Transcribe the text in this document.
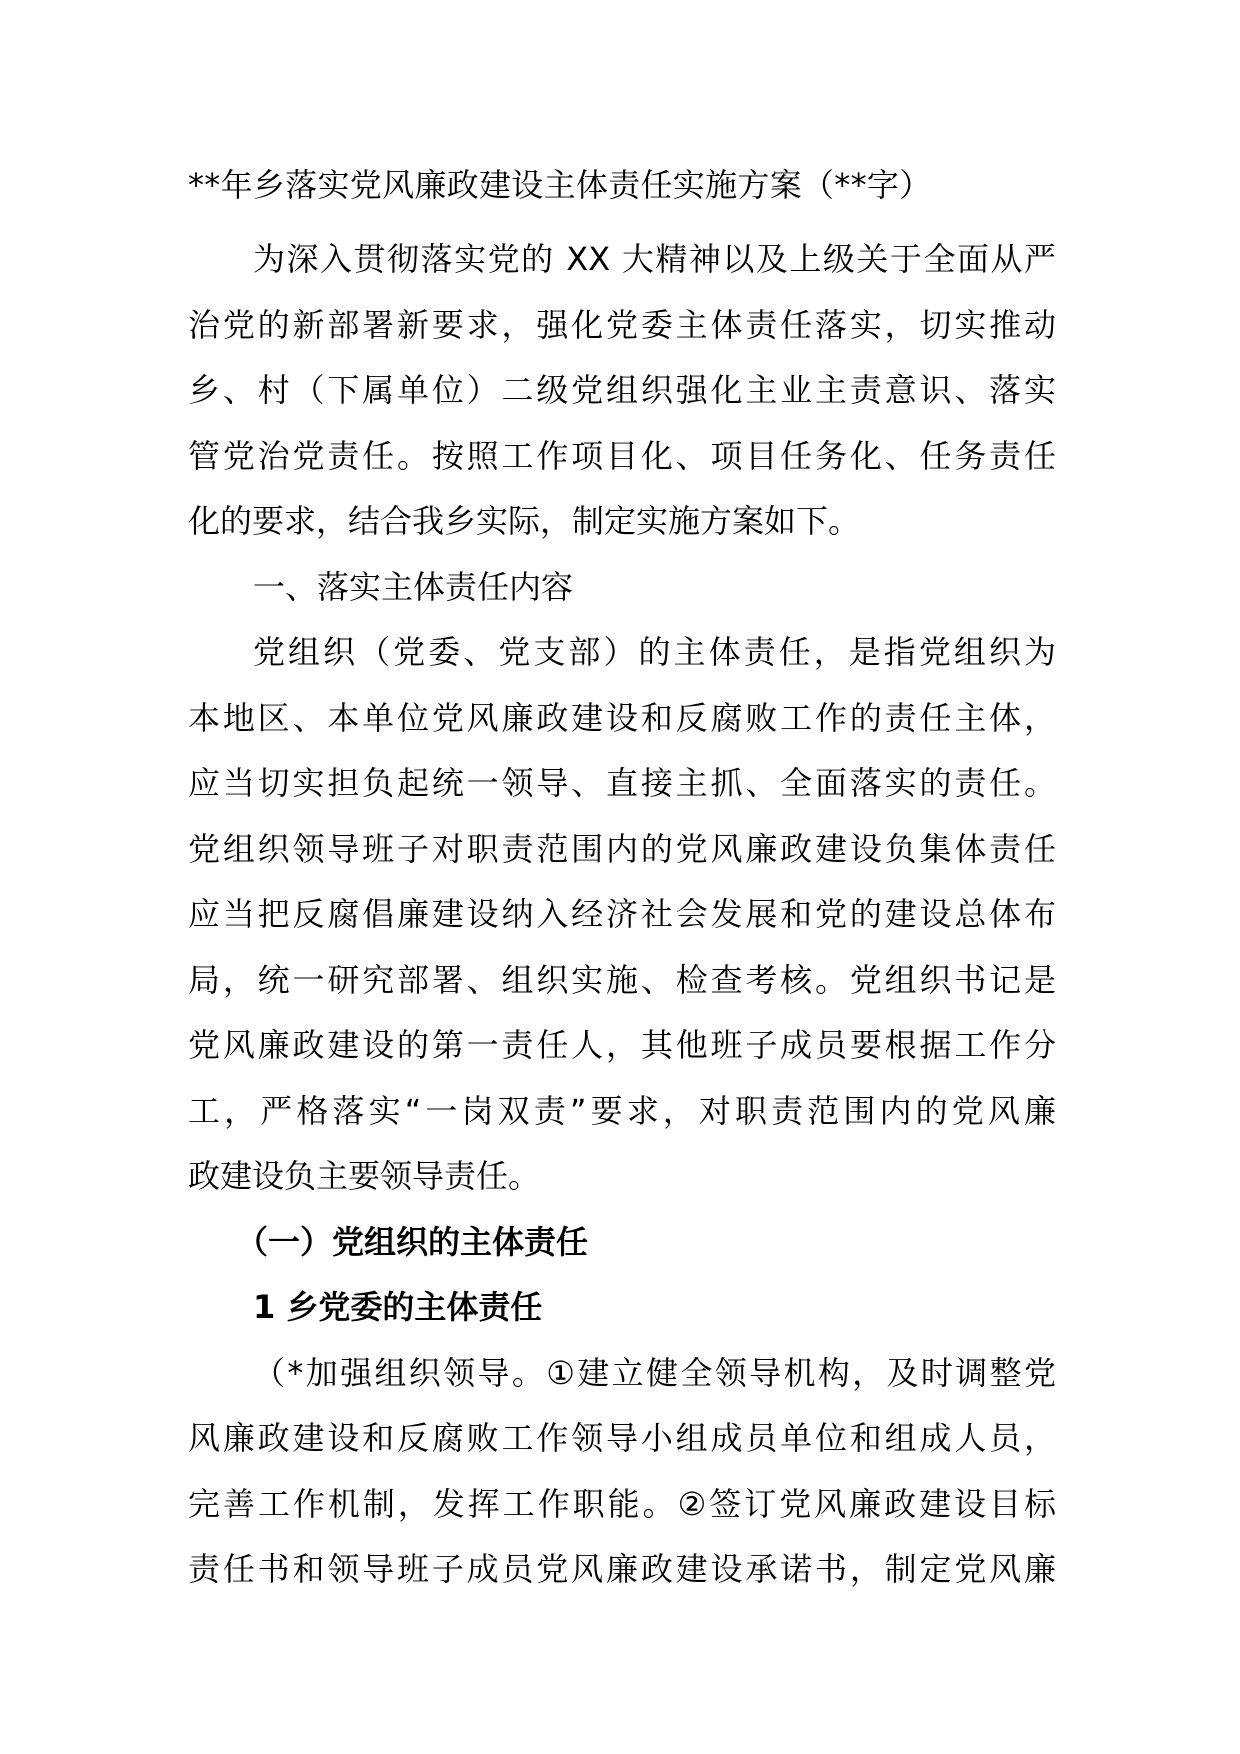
**年乡落实党风廉政建设主体责任实施方案（**字）
为深入贯彻落实党的 XX 大精神以及上级关于全面从严
治党的新部署新要求，强化党委主体责任落实，切实推动
乡、村（下属单位）二级党组织强化主业主责意识、落实
管党治党责任。按照工作项目化、项目任务化、任务责任
化的要求，结合我乡实际，制定实施方案如下。
一、落实主体责任内容
党组织（党委、党支部）的主体责任，是指党组织为
本地区、本单位党风廉政建设和反腐败工作的责任主体，
应当切实担负起统一领导、直接主抓、全面落实的责任。
党组织领导班子对职责范围内的党风廉政建设负集体责任
应当把反腐倡廉建设纳入经济社会发展和党的建设总体布
局，统一研究部署、组织实施、检查考核。党组织书记是
党风廉政建设的第一责任人，其他班子成员要根据工作分
工，严格落实“一岗双责”要求，对职责范围内的党风廉
政建设负主要领导责任。
（一）党组织的主体责任
1 乡党委的主体责任
（*加强组织领导。①建立健全领导机构，及时调整党
风廉政建设和反腐败工作领导小组成员单位和组成人员，
完善工作机制，发挥工作职能。②签订党风廉政建设目标
责任书和领导班子成员党风廉政建设承诺书，制定党风廉
